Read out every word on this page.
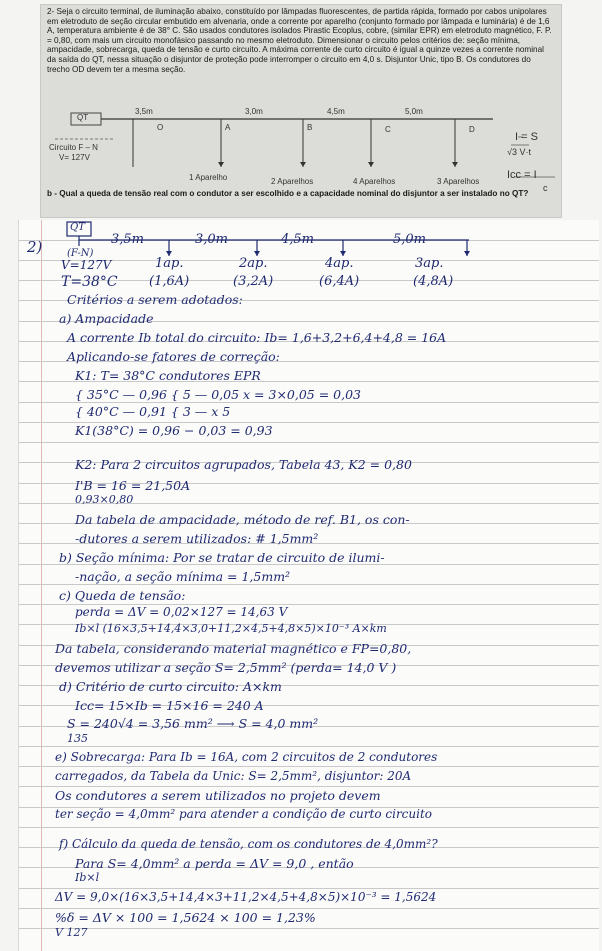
2- Seja o circuito terminal, de iluminação abaixo, constituído por lâmpadas fluorescentes, de partida rápida, formado por cabos unipolares em eletroduto de seção circular embutido em alvenaria, onde a corrente por aparelho (conjunto formado por lâmpada e luminária) é de 1,6 A, temperatura ambiente é de 38° C. São usados condutores isolados Pirastic Ecoplus, cobre, (similar EPR) em eletroduto magnético, F. P. = 0,80, com mais um circuito monofásico passando no mesmo eletroduto. Dimensionar o circuito pelos critérios de: seção mínima, ampacidade, sobrecarga, queda de tensão e curto circuito. A máxima corrente de curto circuito é igual a quinze vezes a corrente nominal da saída do QT, nessa situação o disjuntor de proteção pode interromper o circuito em 4,0 s. Disjuntor Unic, tipo B. Os condutores do trecho OD devem ter a mesma seção.

QT
3,5m	3,0m	4,5m	5,0m
O	A	B	C	D
Circuito F – N
V= 127V
1 Aparelho	2 Aparelhos	4 Aparelhos	3 Aparelhos
I = S
√3 V·t
Icc = I
c

b - Qual a queda de tensão real com o condutor a ser escolhido e a capacidade nominal do disjuntor a ser instalado no QT?

2)
QT
(F-N)
V=127V
T=38°C
3,5m	3,0m	4,5m	5,0m
1ap.	2ap.	4ap.	3ap.
(1,6A)	(3,2A)	(6,4A)	(4,8A)
Critérios a serem adotados:
a) Ampacidade
A corrente Ib total do circuito: Ib= 1,6+3,2+6,4+4,8 = 16A
Aplicando-se fatores de correção:
K1: T= 38°C condutores EPR
{ 35°C — 0,96 { 5 — 0,05 x = 3×0,05 = 0,03
{ 40°C — 0,91 { 3 — x 5
K1(38°C) = 0,96 − 0,03 = 0,93
K2: Para 2 circuitos agrupados, Tabela 43, K2 = 0,80
I'B = 16 = 21,50A
0,93×0,80
Da tabela de ampacidade, método de ref. B1, os con-
-dutores a serem utilizados: # 1,5mm²
b) Seção mínima: Por se tratar de circuito de ilumi-
-nação, a seção mínima = 1,5mm²
c) Queda de tensão:
perda = ΔV = 0,02×127 = 14,63 V
Ib×l (16×3,5+14,4×3,0+11,2×4,5+4,8×5)×10⁻³ A×km
Da tabela, considerando material magnético e FP=0,80,
devemos utilizar a seção S= 2,5mm² (perda= 14,0 V )
d) Critério de curto circuito: A×km
Icc= 15×Ib = 15×16 = 240 A
S = 240√4 = 3,56 mm² ⟶ S = 4,0 mm²
135
e) Sobrecarga: Para Ib = 16A, com 2 circuitos de 2 condutores
carregados, da Tabela da Unic: S= 2,5mm², disjuntor: 20A
Os condutores a serem utilizados no projeto devem
ter seção = 4,0mm² para atender a condição de curto circuito
f) Cálculo da queda de tensão, com os condutores de 4,0mm²?
Para S= 4,0mm² a perda = ΔV = 9,0 , então
Ib×l
ΔV = 9,0×(16×3,5+14,4×3+11,2×4,5+4,8×5)×10⁻³ = 1,5624
%δ = ΔV × 100 = 1,5624 × 100 = 1,23%
V 127
